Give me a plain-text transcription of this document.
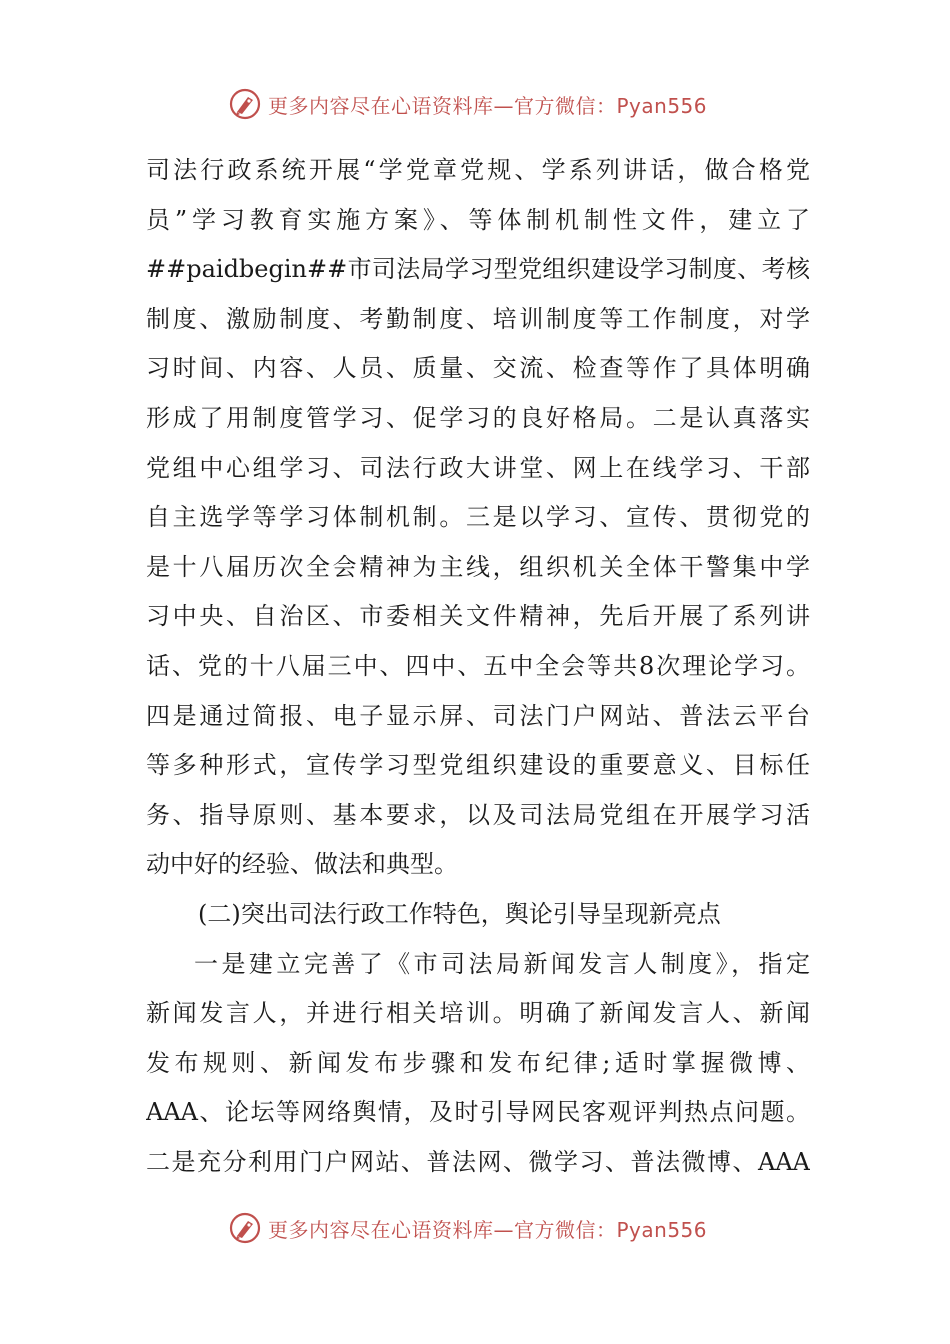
更多内容尽在心语资料库—官方微信：Pyan556
司法行政系统开展“学党章党规、学系列讲话，做合格党
员”学习教育实施方案》、等体制机制性文件，建立了
##paidbegin##市司法局学习型党组织建设学习制度、考核
制度、激励制度、考勤制度、培训制度等工作制度，对学
习时间、内容、人员、质量、交流、检查等作了具体明确
形成了用制度管学习、促学习的良好格局。二是认真落实
党组中心组学习、司法行政大讲堂、网上在线学习、干部
自主选学等学习体制机制。三是以学习、宣传、贯彻党的
是十八届历次全会精神为主线，组织机关全体干警集中学
习中央、自治区、市委相关文件精神，先后开展了系列讲
话、党的十八届三中、四中、五中全会等共8次理论学习。
四是通过简报、电子显示屏、司法门户网站、普法云平台
等多种形式，宣传学习型党组织建设的重要意义、目标任
务、指导原则、基本要求，以及司法局党组在开展学习活
动中好的经验、做法和典型。
(二)突出司法行政工作特色，舆论引导呈现新亮点
一是建立完善了《市司法局新闻发言人制度》，指定
新闻发言人，并进行相关培训。明确了新闻发言人、新闻
发布规则、新闻发布步骤和发布纪律;适时掌握微博、
AAA、论坛等网络舆情，及时引导网民客观评判热点问题。
二是充分利用门户网站、普法网、微学习、普法微博、AAA
更多内容尽在心语资料库—官方微信：Pyan556
